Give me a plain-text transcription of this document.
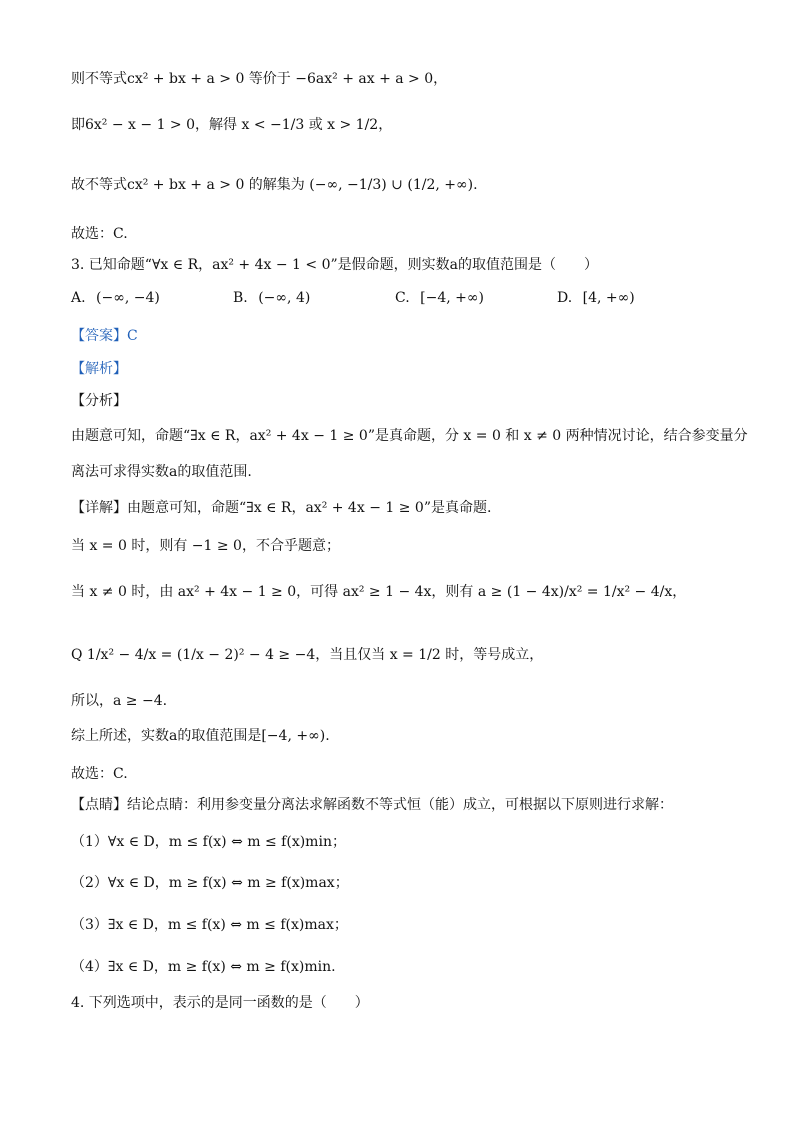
则不等式cx² + bx + a > 0 等价于 −6ax² + ax + a > 0，
即6x² − x − 1 > 0，解得 x < −1/3 或 x > 1/2，
故不等式cx² + bx + a > 0 的解集为 (−∞, −1/3) ∪ (1/2, +∞).
故选：C.
3. 已知命题“∀x ∈ R，ax² + 4x − 1 < 0”是假命题，则实数a的取值范围是（　　）
A. (−∞, −4)	B. (−∞, 4)	C. [−4, +∞)	D. [4, +∞)
【答案】C
【解析】
【分析】
由题意可知，命题“∃x ∈ R，ax² + 4x − 1 ≥ 0”是真命题，分 x = 0 和 x ≠ 0 两种情况讨论，结合参变量分
离法可求得实数a的取值范围.
【详解】由题意可知，命题“∃x ∈ R，ax² + 4x − 1 ≥ 0”是真命题.
当 x = 0 时，则有 −1 ≥ 0，不合乎题意；
当 x ≠ 0 时，由 ax² + 4x − 1 ≥ 0，可得 ax² ≥ 1 − 4x，则有 a ≥ (1 − 4x)/x² = 1/x² − 4/x，
Q 1/x² − 4/x = (1/x − 2)² − 4 ≥ −4，当且仅当 x = 1/2 时，等号成立，
所以，a ≥ −4.
综上所述，实数a的取值范围是[−4, +∞).
故选：C.
【点睛】结论点睛：利用参变量分离法求解函数不等式恒（能）成立，可根据以下原则进行求解：
（1）∀x ∈ D，m ≤ f(x) ⇔ m ≤ f(x)min；
（2）∀x ∈ D，m ≥ f(x) ⇔ m ≥ f(x)max；
（3）∃x ∈ D，m ≤ f(x) ⇔ m ≤ f(x)max；
（4）∃x ∈ D，m ≥ f(x) ⇔ m ≥ f(x)min.
4. 下列选项中，表示的是同一函数的是（　　）
